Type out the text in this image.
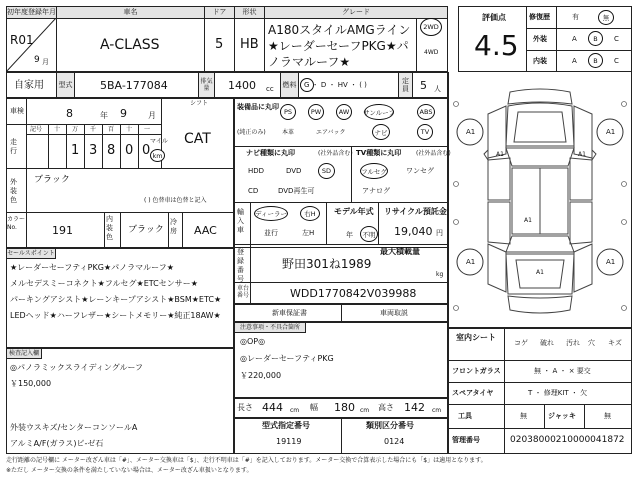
初年度登録年月	車名	ドア	形状	グレード
R01
9 月
A-CLASS	5 HB
A180スタイルAMGライン★レーダーセーフPKG★パノラマルーフ★
2WD
4WD
自家用 型式	5BA-177084	排気量	1400 cc 燃料 G ・ D ・ HV ・ ( )	定員 5 人
車検	8	年 9	月
シフト
CAT
走行
記号 十 万 千 百 十 一
1 3 8 0 0
マイル
km
外装色
ブラック
( ) 色替車は色替と記入
カラー No.	191
内装色
ブラック
冷房	AAC
装備品に丸印
(純正のみ)
PS	PW	AW	サンルーフ	ABS
本革	エアバック	ナビ	TV
ナビ種類に丸印	(社外品含む)
HDD	DVD	SD
CD	DVD再生可
TV種類に丸印 (社外品含む)
フルセグ	ワンセグ
アナログ
輸入車
ディーラー	右H
並行	左H
モデル年式
年	不明
リサイクル預託金
19,040 円
セールスポイント
★レーダーセーフティPKG★パノラマルーフ★
メルセデスミーコネクト★フルセグ★ETCセンサー★
パーキングアシスト★レーンキープアシスト★BSM★ETC★
LEDヘッド★ハーフレザー★シートメモリー★純正18AW★
検査記入欄
◎パノラミックスライディングルーフ
￥150,000
外装ウスキズ/センターコンソールA
アルミA/F(ガラス)ビ-ゼ石
最大積載量
kg
登録番号
野田301ね1989
車台番号	WDD1770842V039988
新車保証書	車両取説
注意事項・不具合箇所
◎OP◎
◎レーダーセーフティPKG
￥220,000
長さ 444 cm 幅 180 cm 高さ 142 cm
型式指定番号
19119
類別区分番号
0124
評価点
4.5
修復歴	有	無
外装	A	B	C
内装	A	B	C
A1	A1
A1	A1
A1	A1
A1
A1
室内シート
コゲ 破れ 汚れ 穴 キズ
フロントガラス	無 ・ A ・ × 要交
スペアタイヤ	T ・ 修理KIT ・ 欠
工具	無	ジャッキ	無
管理番号	02038000210000041872
走行距離の記号欄に メーター改ざん車は「#」、メーター交換車は「$」、走行不明車は「#」を記入しております。メーター交換で合算表示した場合にも「$」は適用となります。
※ただし メーター交換の条件を満たしていない場合は、メーター改ざん車扱いとなります。
